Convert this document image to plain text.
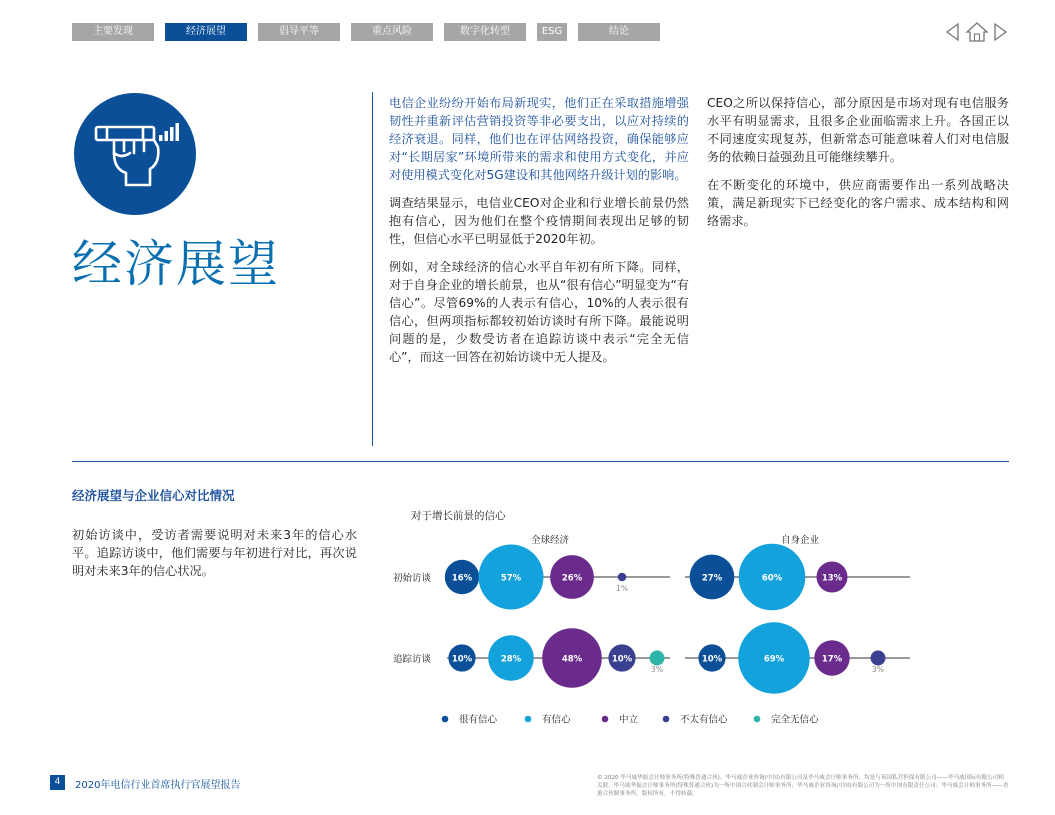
主要发现	经济展望	倡导平等	重点风险	数字化转型	ESG	结论
经济展望

电信企业纷纷开始布局新现实，他们正在采取措施增强韧性并重新评估营销投资等非必要支出，以应对持续的经济衰退。同样，他们也在评估网络投资，确保能够应对“长期居家”环境所带来的需求和使用方式变化，并应对使用模式变化对5G建设和其他网络升级计划的影响。

调查结果显示，电信业CEO对企业和行业增长前景仍然抱有信心，因为他们在整个疫情期间表现出足够的韧性，但信心水平已明显低于2020年初。

例如，对全球经济的信心水平自年初有所下降。同样，对于自身企业的增长前景，也从“很有信心”明显变为“有信心”。尽管69%的人表示有信心，10%的人表示很有信心，但两项指标都较初始访谈时有所下降。最能说明问题的是，少数受访者在追踪访谈中表示“完全无信心”，而这一回答在初始访谈中无人提及。

CEO之所以保持信心，部分原因是市场对现有电信服务水平有明显需求，且很多企业面临需求上升。各国正以不同速度实现复苏，但新常态可能意味着人们对电信服务的依赖日益强劲且可能继续攀升。

在不断变化的环境中，供应商需要作出一系列战略决策，满足新现实下已经变化的客户需求、成本结构和网络需求。

经济展望与企业信心对比情况

初始访谈中，受访者需要说明对未来3年的信心水平。追踪访谈中，他们需要与年初进行对比，再次说明对未来3年的信心状况。

对于增长前景的信心
全球经济	自身企业
初始访谈
追踪访谈
16%	57%	26%
1%
10%	28%	48%	10%
3%
27%	60%	13%
10%	69%	17%
3%
很有信心	有信心	中立	不太有信心	完全无信心
4	2020年电信行业首席执行官展望报告
© 2020 毕马威华振会计师事务所(特殊普通合伙)、毕马威企业咨询(中国)有限公司及毕马威会计师事务所，均是与英国私营担保有限公司——毕马威国际有限公司相关联。毕马威华振会计师事务所(特殊普通合伙)为一所中国合伙制会计师事务所；毕马威企业咨询(中国)有限公司为一所中国有限责任公司；毕马威会计师事务所——香港合伙制事务所。版权所有，不得转载。
